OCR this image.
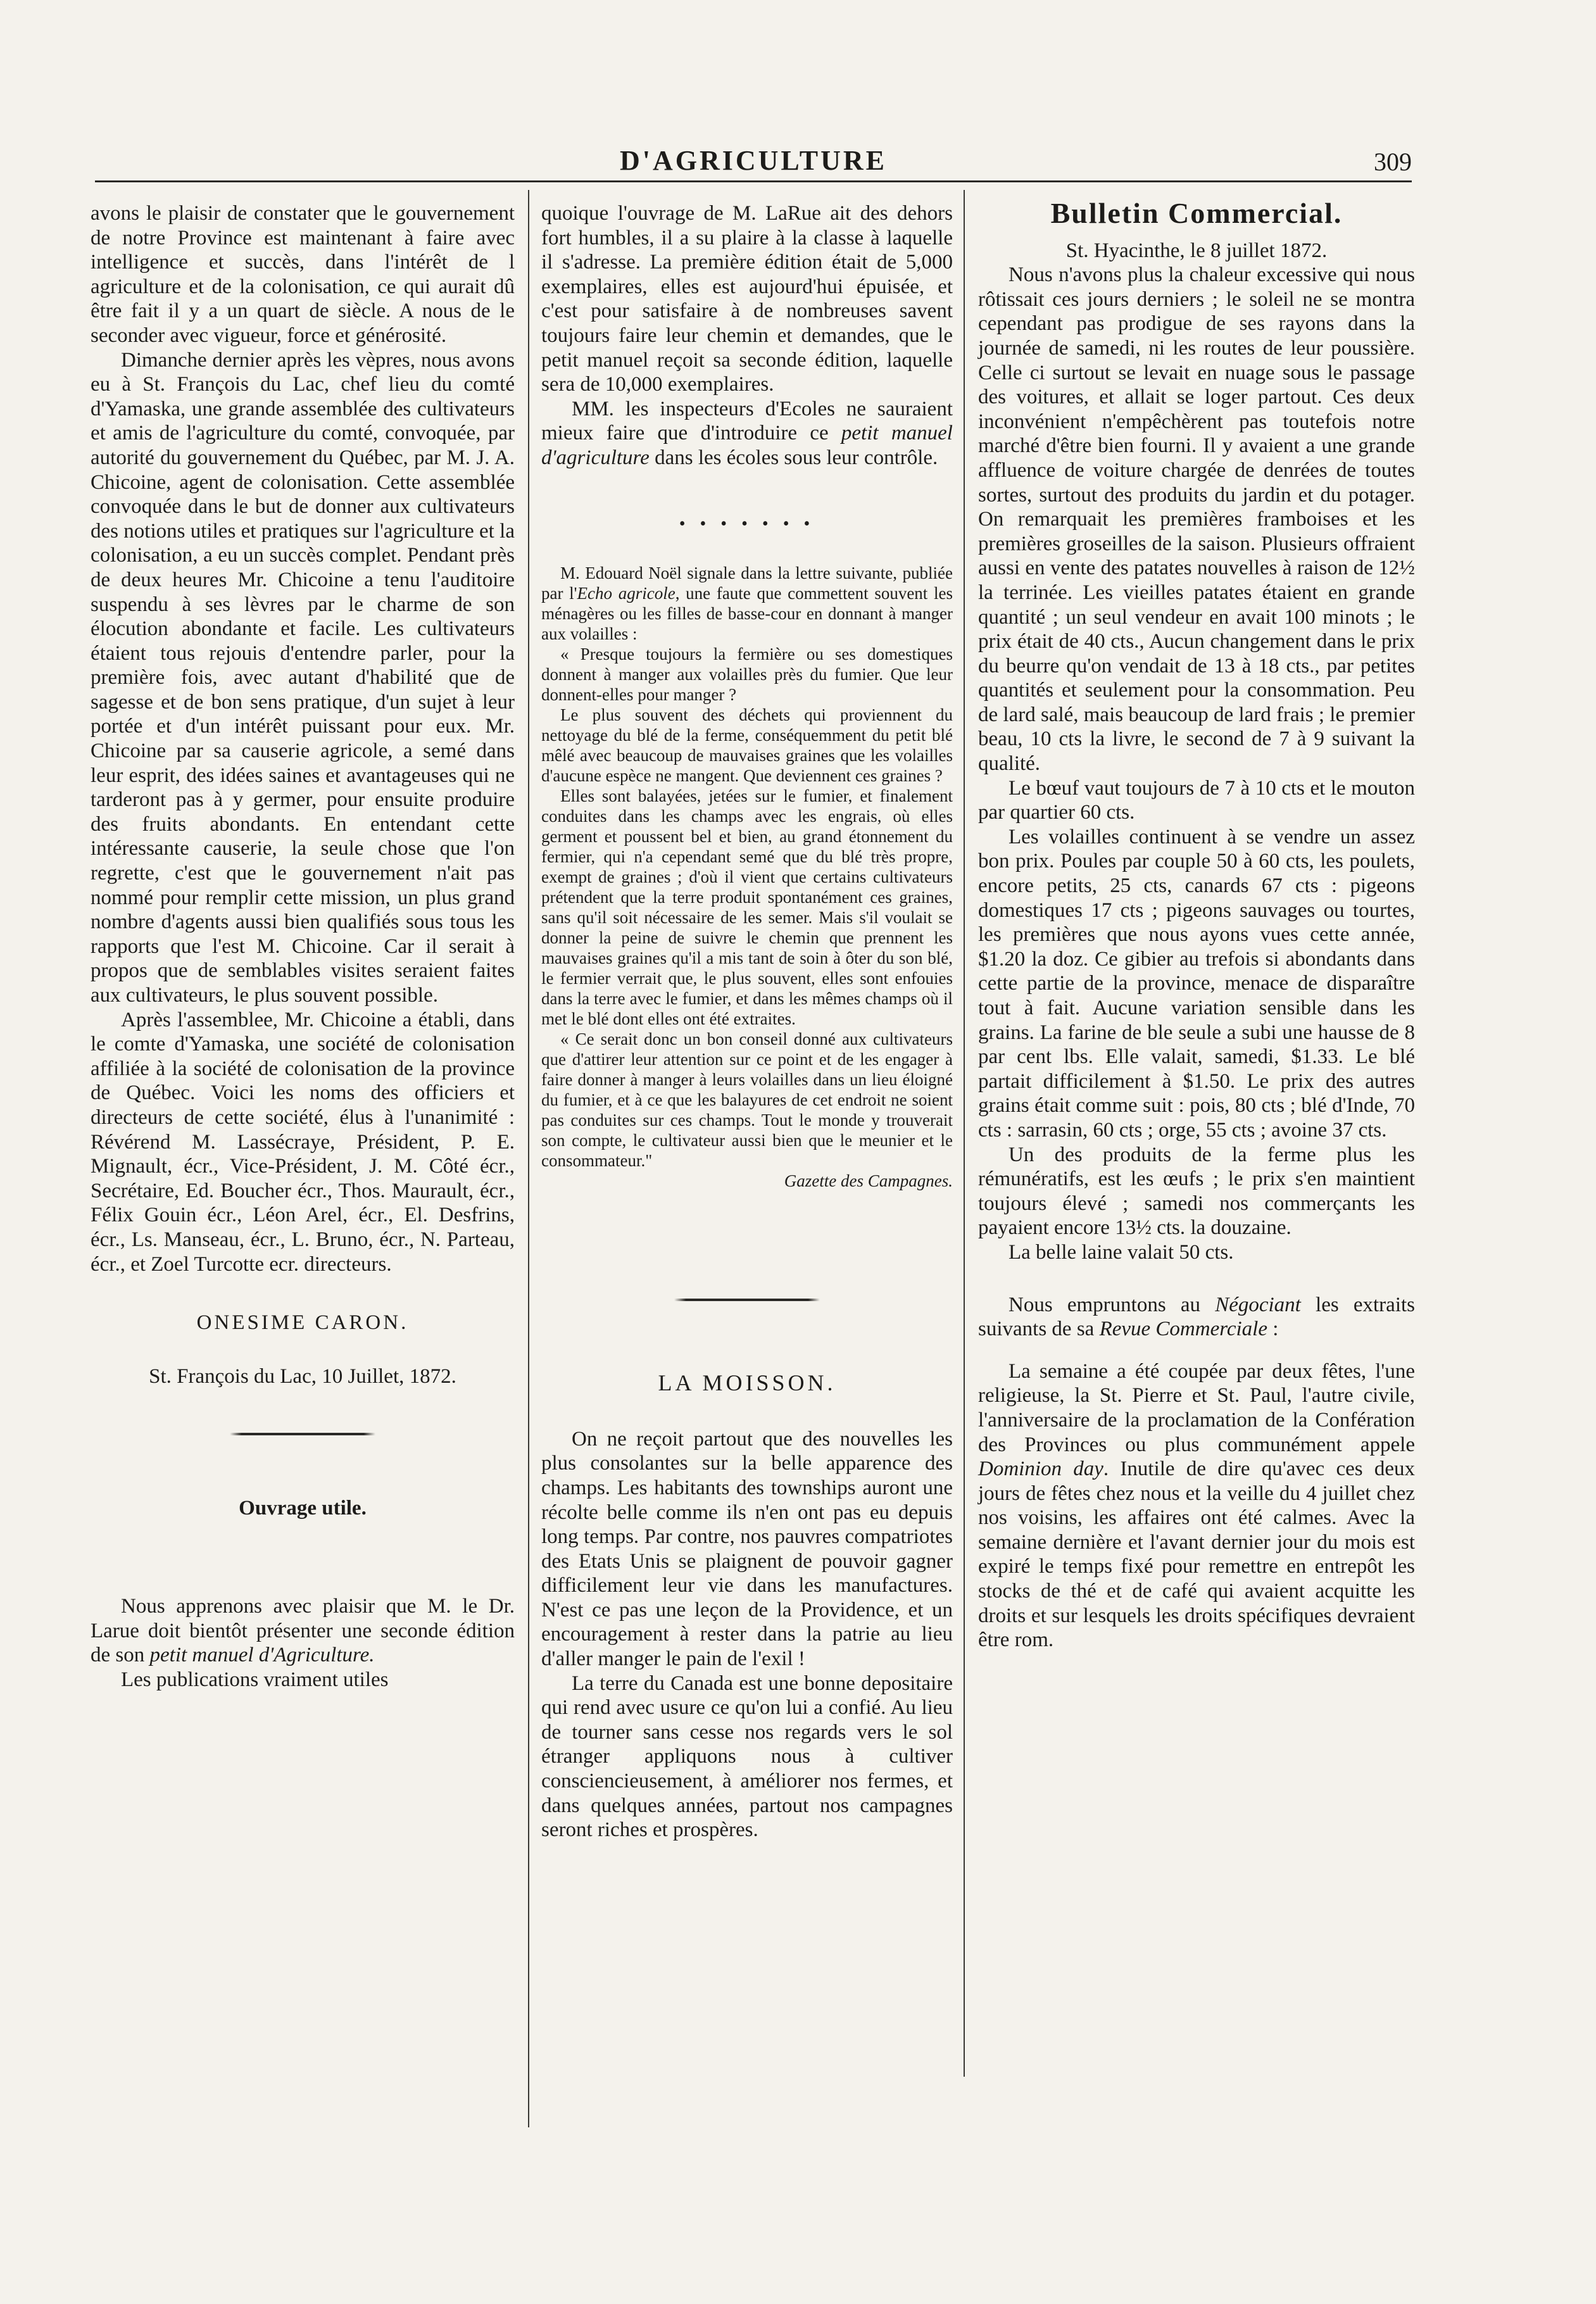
D'AGRICULTURE	309

avons le plaisir de constater que le gouvernement de notre Province est maintenant à faire avec intelligence et succès, dans l'intérêt de l agriculture et de la colonisation, ce qui aurait dû être fait il y a un quart de siècle. A nous de le seconder avec vigueur, force et générosité.

Dimanche dernier après les vèpres, nous avons eu à St. François du Lac, chef lieu du comté d'Yamaska, une grande assemblée des cultivateurs et amis de l'agriculture du comté, convoquée, par autorité du gouvernement du Québec, par M. J. A. Chicoine, agent de colonisation. Cette assemblée convoquée dans le but de donner aux cultivateurs des notions utiles et pratiques sur l'agriculture et la colonisation, a eu un succès complet. Pendant près de deux heures Mr. Chicoine a tenu l'auditoire suspendu à ses lèvres par le charme de son élocution abondante et facile. Les cultivateurs étaient tous rejouis d'entendre parler, pour la première fois, avec autant d'habilité que de sagesse et de bon sens pratique, d'un sujet à leur portée et d'un intérêt puissant pour eux. Mr. Chicoine par sa causerie agricole, a semé dans leur esprit, des idées saines et avantageuses qui ne tarderont pas à y germer, pour ensuite produire des fruits abondants. En entendant cette intéressante causerie, la seule chose que l'on regrette, c'est que le gouvernement n'ait pas nommé pour remplir cette mission, un plus grand nombre d'agents aussi bien qualifiés sous tous les rapports que l'est M. Chicoine. Car il serait à propos que de semblables visites seraient faites aux cultivateurs, le plus souvent possible.

Après l'assemblee, Mr. Chicoine a établi, dans le comte d'Yamaska, une société de colonisation affiliée à la société de colonisation de la province de Québec. Voici les noms des officiers et directeurs de cette société, élus à l'unanimité : Révérend M. Lassécraye, Président, P. E. Mignault, écr., Vice-Président, J. M. Côté écr., Secrétaire, Ed. Boucher écr., Thos. Maurault, écr., Félix Gouin écr., Léon Arel, écr., El. Desfrins, écr., Ls. Manseau, écr., L. Bruno, écr., N. Parteau, écr., et Zoel Turcotte ecr. directeurs.

ONESIME CARON.

St. François du Lac, 10 Juillet, 1872.

Ouvrage utile.

Nous apprenons avec plaisir que M. le Dr. Larue doit bientôt présenter une seconde édition de son petit manuel d'Agriculture.

Les publications vraiment utiles

quoique l'ouvrage de M. LaRue ait des dehors fort humbles, il a su plaire à la classe à laquelle il s'adresse. La première édition était de 5,000 exemplaires, elles est aujourd'hui épuisée, et c'est pour satisfaire à de nombreuses savent toujours faire leur chemin et demandes, que le petit manuel reçoit sa seconde édition, laquelle sera de 10,000 exemplaires.

MM. les inspecteurs d'Ecoles ne sauraient mieux faire que d'introduire ce petit manuel d'agriculture dans les écoles sous leur contrôle.

• • • • • • •

M. Edouard Noël signale dans la lettre suivante, publiée par l'Echo agricole, une faute que commettent souvent les ménagères ou les filles de basse-cour en donnant à manger aux volailles :

« Presque toujours la fermière ou ses domestiques donnent à manger aux volailles près du fumier. Que leur donnent-elles pour manger ?

Le plus souvent des déchets qui proviennent du nettoyage du blé de la ferme, conséquemment du petit blé mêlé avec beaucoup de mauvaises graines que les volailles d'aucune espèce ne mangent. Que deviennent ces graines ?

Elles sont balayées, jetées sur le fumier, et finalement conduites dans les champs avec les engrais, où elles germent et poussent bel et bien, au grand étonnement du fermier, qui n'a cependant semé que du blé très propre, exempt de graines ; d'où il vient que certains cultivateurs prétendent que la terre produit spontanément ces graines, sans qu'il soit nécessaire de les semer. Mais s'il voulait se donner la peine de suivre le chemin que prennent les mauvaises graines qu'il a mis tant de soin à ôter du son blé, le fermier verrait que, le plus souvent, elles sont enfouies dans la terre avec le fumier, et dans les mêmes champs où il met le blé dont elles ont été extraites.

« Ce serait donc un bon conseil donné aux cultivateurs que d'attirer leur attention sur ce point et de les engager à faire donner à manger à leurs volailles dans un lieu éloigné du fumier, et à ce que les balayures de cet endroit ne soient pas conduites sur ces champs. Tout le monde y trouverait son compte, le cultivateur aussi bien que le meunier et le consommateur."

Gazette des Campagnes.

LA MOISSON.

On ne reçoit partout que des nouvelles les plus consolantes sur la belle apparence des champs. Les habitants des townships auront une récolte belle comme ils n'en ont pas eu depuis long temps. Par contre, nos pauvres compatriotes des Etats Unis se plaignent de pouvoir gagner difficilement leur vie dans les manufactures. N'est ce pas une leçon de la Providence, et un encouragement à rester dans la patrie au lieu d'aller manger le pain de l'exil !

La terre du Canada est une bonne depositaire qui rend avec usure ce qu'on lui a confié. Au lieu de tourner sans cesse nos regards vers le sol étranger appliquons nous à cultiver consciencieusement, à améliorer nos fermes, et dans quelques années, partout nos campagnes seront riches et prospères.

Bulletin Commercial.

St. Hyacinthe, le 8 juillet 1872.

Nous n'avons plus la chaleur excessive qui nous rôtissait ces jours derniers ; le soleil ne se montra cependant pas prodigue de ses rayons dans la journée de samedi, ni les routes de leur poussière. Celle ci surtout se levait en nuage sous le passage des voitures, et allait se loger partout. Ces deux inconvénient n'empêchèrent pas toutefois notre marché d'être bien fourni. Il y avaient a une grande affluence de voiture chargée de denrées de toutes sortes, surtout des produits du jardin et du potager. On remarquait les premières framboises et les premières groseilles de la saison. Plusieurs offraient aussi en vente des patates nouvelles à raison de 12½ la terrinée. Les vieilles patates étaient en grande quantité ; un seul vendeur en avait 100 minots ; le prix était de 40 cts., Aucun changement dans le prix du beurre qu'on vendait de 13 à 18 cts., par petites quantités et seulement pour la consommation. Peu de lard salé, mais beaucoup de lard frais ; le premier beau, 10 cts la livre, le second de 7 à 9 suivant la qualité.

Le bœuf vaut toujours de 7 à 10 cts et le mouton par quartier 60 cts.

Les volailles continuent à se vendre un assez bon prix. Poules par couple 50 à 60 cts, les poulets, encore petits, 25 cts, canards 67 cts : pigeons domestiques 17 cts ; pigeons sauvages ou tourtes, les premières que nous ayons vues cette année, $1.20 la doz. Ce gibier au trefois si abondants dans cette partie de la province, menace de disparaître tout à fait. Aucune variation sensible dans les grains. La farine de ble seule a subi une hausse de 8 par cent lbs. Elle valait, samedi, $1.33. Le blé partait difficilement à $1.50. Le prix des autres grains était comme suit : pois, 80 cts ; blé d'Inde, 70 cts : sarrasin, 60 cts ; orge, 55 cts ; avoine 37 cts.

Un des produits de la ferme plus les rémunératifs, est les œufs ; le prix s'en maintient toujours élevé ; samedi nos commerçants les payaient encore 13½ cts. la douzaine.

La belle laine valait 50 cts.

Nous empruntons au Négociant les extraits suivants de sa Revue Commerciale :

La semaine a été coupée par deux fêtes, l'une religieuse, la St. Pierre et St. Paul, l'autre civile, l'anniversaire de la proclamation de la Confération des Provinces ou plus communément appele Dominion day. Inutile de dire qu'avec ces deux jours de fêtes chez nous et la veille du 4 juillet chez nos voisins, les affaires ont été calmes. Avec la semaine dernière et l'avant dernier jour du mois est expiré le temps fixé pour remettre en entrepôt les stocks de thé et de café qui avaient acquitte les droits et sur lesquels les droits spécifiques devraient être rom.
